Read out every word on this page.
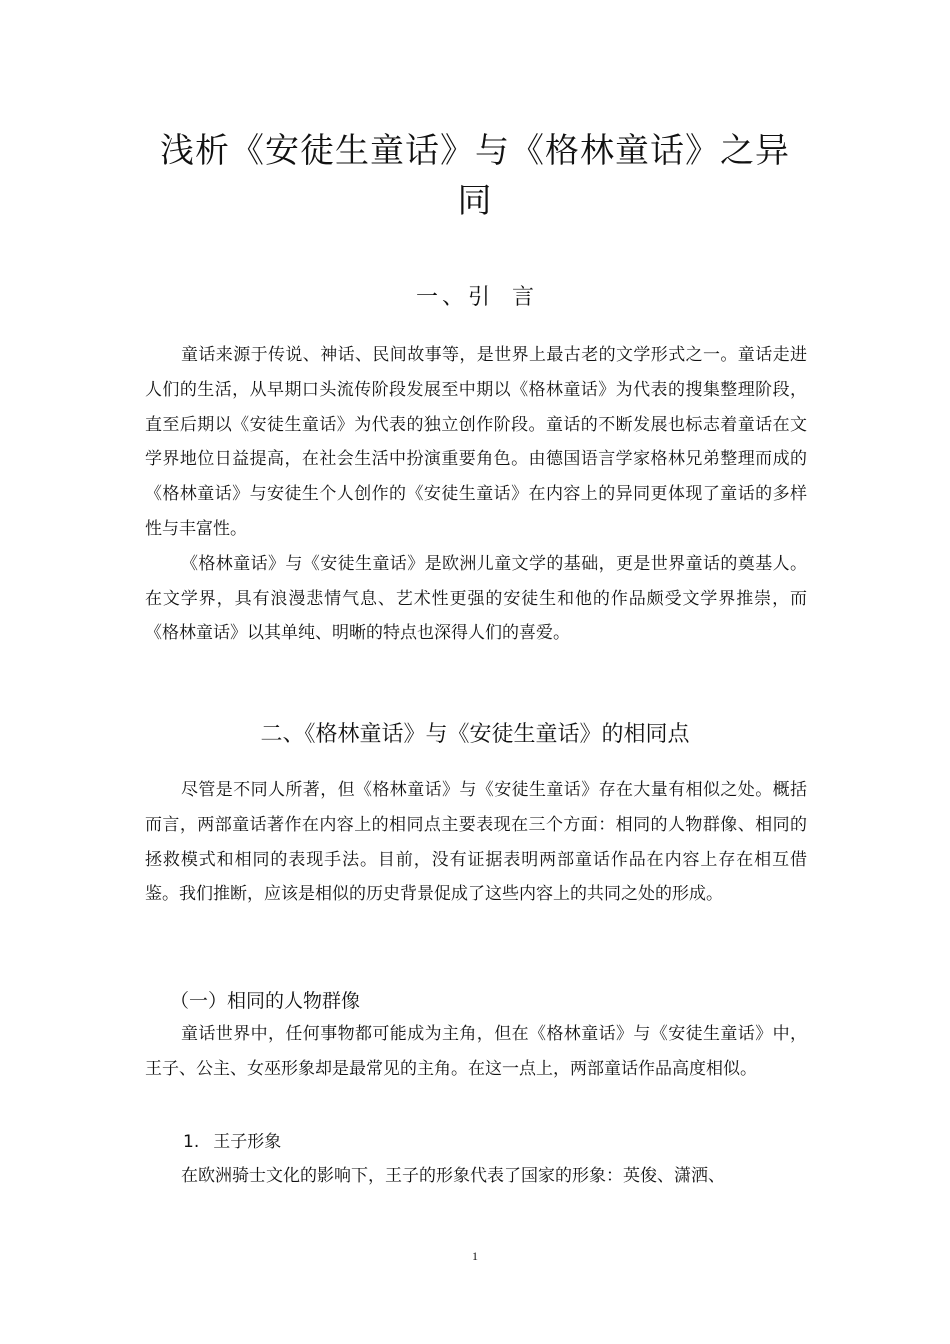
浅析《安徒生童话》与《格林童话》之异同
一、引 言

童话来源于传说、神话、民间故事等，是世界上最古老的文学形式之一。童话走进人们的生活，从早期口头流传阶段发展至中期以《格林童话》为代表的搜集整理阶段，直至后期以《安徒生童话》为代表的独立创作阶段。童话的不断发展也标志着童话在文学界地位日益提高，在社会生活中扮演重要角色。由德国语言学家格林兄弟整理而成的《格林童话》与安徒生个人创作的《安徒生童话》在内容上的异同更体现了童话的多样性与丰富性。

《格林童话》与《安徒生童话》是欧洲儿童文学的基础，更是世界童话的奠基人。在文学界，具有浪漫悲情气息、艺术性更强的安徒生和他的作品颇受文学界推崇，而《格林童话》以其单纯、明晰的特点也深得人们的喜爱。

二、《格林童话》与《安徒生童话》的相同点

尽管是不同人所著，但《格林童话》与《安徒生童话》存在大量有相似之处。概括而言，两部童话著作在内容上的相同点主要表现在三个方面：相同的人物群像、相同的拯救模式和相同的表现手法。目前，没有证据表明两部童话作品在内容上存在相互借鉴。我们推断，应该是相似的历史背景促成了这些内容上的共同之处的形成。

（一）相同的人物群像

童话世界中，任何事物都可能成为主角，但在《格林童话》与《安徒生童话》中，王子、公主、女巫形象却是最常见的主角。在这一点上，两部童话作品高度相似。

1. 王子形象

在欧洲骑士文化的影响下，王子的形象代表了国家的形象：英俊、潇洒、

1
